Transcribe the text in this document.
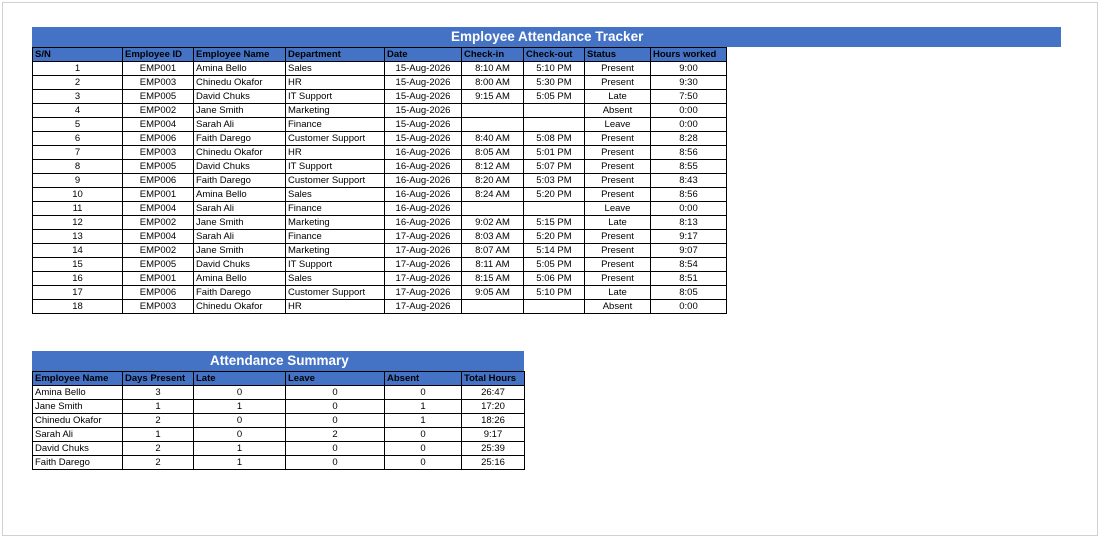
Employee Attendance Tracker
S/N	Employee ID	Employee Name	Department	Date	Check-in	Check-out	Status	Hours worked
1	EMP001	Amina Bello	Sales	15-Aug-2026	8:10 AM	5:10 PM	Present	9:00
2	EMP003	Chinedu Okafor	HR	15-Aug-2026	8:00 AM	5:30 PM	Present	9:30
3	EMP005	David Chuks	IT Support	15-Aug-2026	9:15 AM	5:05 PM	Late	7:50
4	EMP002	Jane Smith	Marketing	15-Aug-2026			Absent	0:00
5	EMP004	Sarah Ali	Finance	15-Aug-2026			Leave	0:00
6	EMP006	Faith Darego	Customer Support	15-Aug-2026	8:40 AM	5:08 PM	Present	8:28
7	EMP003	Chinedu Okafor	HR	16-Aug-2026	8:05 AM	5:01 PM	Present	8:56
8	EMP005	David Chuks	IT Support	16-Aug-2026	8:12 AM	5:07 PM	Present	8:55
9	EMP006	Faith Darego	Customer Support	16-Aug-2026	8:20 AM	5:03 PM	Present	8:43
10	EMP001	Amina Bello	Sales	16-Aug-2026	8:24 AM	5:20 PM	Present	8:56
11	EMP004	Sarah Ali	Finance	16-Aug-2026			Leave	0:00
12	EMP002	Jane Smith	Marketing	16-Aug-2026	9:02 AM	5:15 PM	Late	8:13
13	EMP004	Sarah Ali	Finance	17-Aug-2026	8:03 AM	5:20 PM	Present	9:17
14	EMP002	Jane Smith	Marketing	17-Aug-2026	8:07 AM	5:14 PM	Present	9:07
15	EMP005	David Chuks	IT Support	17-Aug-2026	8:11 AM	5:05 PM	Present	8:54
16	EMP001	Amina Bello	Sales	17-Aug-2026	8:15 AM	5:06 PM	Present	8:51
17	EMP006	Faith Darego	Customer Support	17-Aug-2026	9:05 AM	5:10 PM	Late	8:05
18	EMP003	Chinedu Okafor	HR	17-Aug-2026			Absent	0:00
Attendance Summary
Employee Name	Days Present	Late	Leave	Absent	Total Hours
Amina Bello	3	0	0	0	26:47
Jane Smith	1	1	0	1	17:20
Chinedu Okafor	2	0	0	1	18:26
Sarah Ali	1	0	2	0	9:17
David Chuks	2	1	0	0	25:39
Faith Darego	2	1	0	0	25:16
